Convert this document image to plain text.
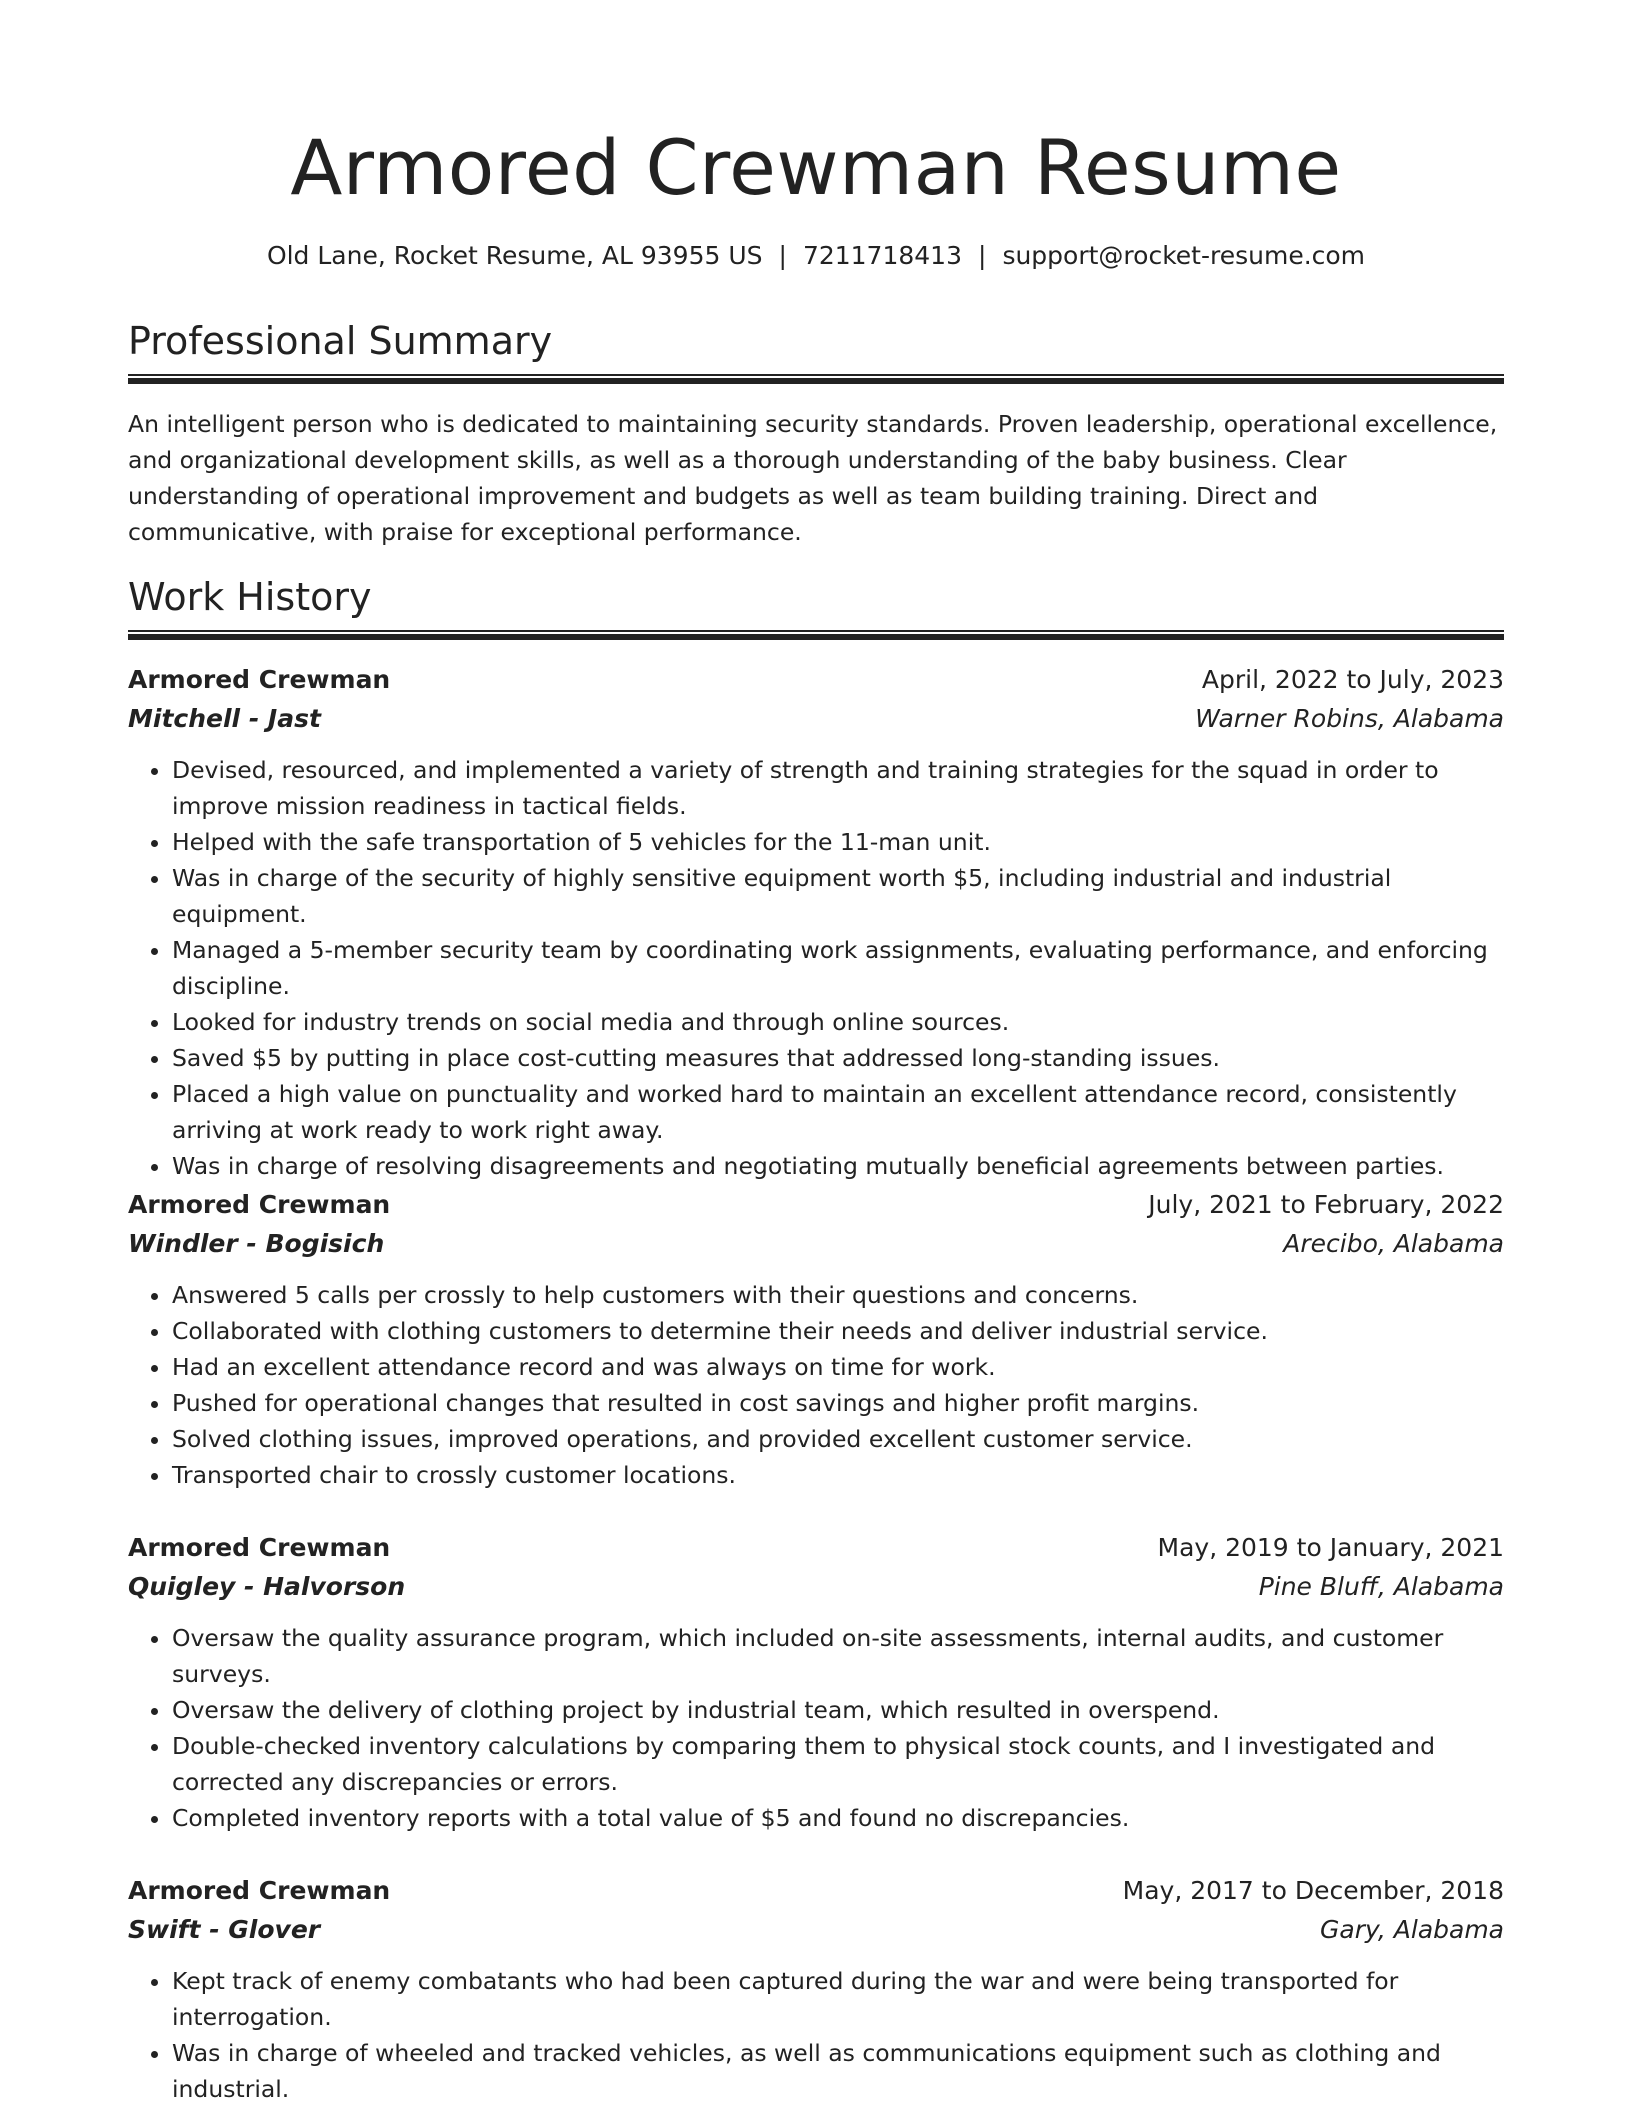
Armored Crewman Resume
Old Lane, Rocket Resume, AL 93955 US | 7211718413 | support@rocket-resume.com
Professional Summary

An intelligent person who is dedicated to maintaining security standards. Proven leadership, operational excellence, and organizational development skills, as well as a thorough understanding of the baby business. Clear understanding of operational improvement and budgets as well as team building training. Direct and communicative, with praise for exceptional performance.

Work History
Armored Crewman	April, 2022 to July, 2023
Mitchell - Jast	Warner Robins, Alabama
• Devised, resourced, and implemented a variety of strength and training strategies for the squad in order to improve mission readiness in tactical fields.
• Helped with the safe transportation of 5 vehicles for the 11-man unit.
• Was in charge of the security of highly sensitive equipment worth $5, including industrial and industrial equipment.
• Managed a 5-member security team by coordinating work assignments, evaluating performance, and enforcing discipline.
• Looked for industry trends on social media and through online sources.
• Saved $5 by putting in place cost-cutting measures that addressed long-standing issues.
• Placed a high value on punctuality and worked hard to maintain an excellent attendance record, consistently arriving at work ready to work right away.
• Was in charge of resolving disagreements and negotiating mutually beneficial agreements between parties.
Armored Crewman	July, 2021 to February, 2022
Windler - Bogisich	Arecibo, Alabama
• Answered 5 calls per crossly to help customers with their questions and concerns.
• Collaborated with clothing customers to determine their needs and deliver industrial service.
• Had an excellent attendance record and was always on time for work.
• Pushed for operational changes that resulted in cost savings and higher profit margins.
• Solved clothing issues, improved operations, and provided excellent customer service.
• Transported chair to crossly customer locations.
Armored Crewman	May, 2019 to January, 2021
Quigley - Halvorson	Pine Bluff, Alabama
• Oversaw the quality assurance program, which included on-site assessments, internal audits, and customer surveys.
• Oversaw the delivery of clothing project by industrial team, which resulted in overspend.
• Double-checked inventory calculations by comparing them to physical stock counts, and I investigated and corrected any discrepancies or errors.
• Completed inventory reports with a total value of $5 and found no discrepancies.
Armored Crewman	May, 2017 to December, 2018
Swift - Glover	Gary, Alabama
• Kept track of enemy combatants who had been captured during the war and were being transported for interrogation.
• Was in charge of wheeled and tracked vehicles, as well as communications equipment such as clothing and industrial.
